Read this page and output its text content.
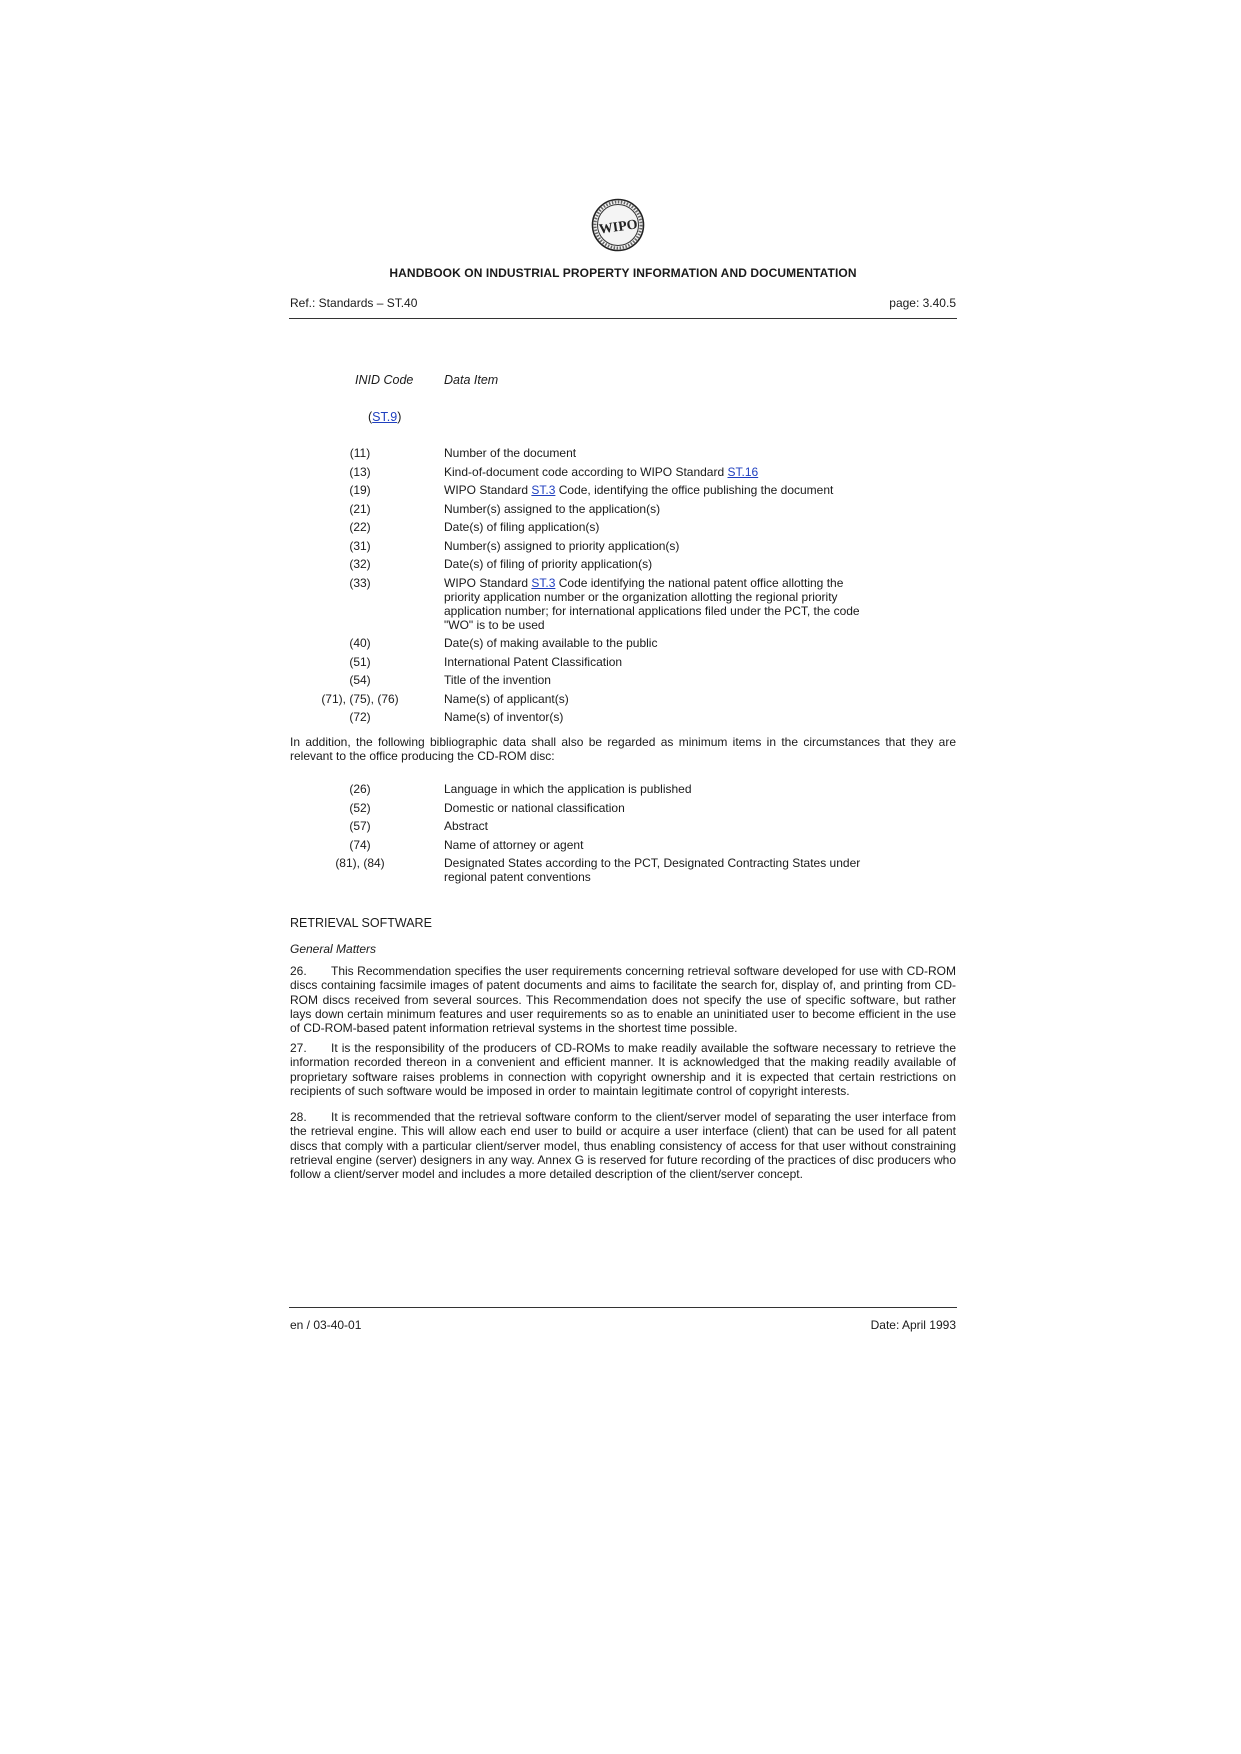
WIPO
HANDBOOK ON INDUSTRIAL PROPERTY INFORMATION AND DOCUMENTATION
Ref.: Standards – ST.40	page: 3.40.5
INID Code Data Item
(ST.9)
(11)	Number of the document
(13)	Kind-of-document code according to WIPO Standard ST.16
(19)	WIPO Standard ST.3 Code, identifying the office publishing the document
(21)	Number(s) assigned to the application(s)
(22)	Date(s) of filing application(s)
(31)	Number(s) assigned to priority application(s)
(32)	Date(s) of filing of priority application(s)
(33)	WIPO Standard ST.3 Code identifying the national patent office allotting the priority application number or the organization allotting the regional priority application number; for international applications filed under the PCT, the code "WO" is to be used
(40)	Date(s) of making available to the public
(51)	International Patent Classification
(54)	Title of the invention
(71), (75), (76)	Name(s) of applicant(s)
(72)	Name(s) of inventor(s)
In addition, the following bibliographic data shall also be regarded as minimum items in the circumstances that they are relevant to the office producing the CD-ROM disc:
(26)	Language in which the application is published
(52)	Domestic or national classification
(57)	Abstract
(74)	Name of attorney or agent
(81), (84)	Designated States according to the PCT, Designated Contracting States under regional patent conventions
RETRIEVAL SOFTWARE
General Matters
26. This Recommendation specifies the user requirements concerning retrieval software developed for use with CD-ROM discs containing facsimile images of patent documents and aims to facilitate the search for, display of, and printing from CD-ROM discs received from several sources. This Recommendation does not specify the use of specific software, but rather lays down certain minimum features and user requirements so as to enable an uninitiated user to become efficient in the use of CD-ROM-based patent information retrieval systems in the shortest time possible.
27. It is the responsibility of the producers of CD-ROMs to make readily available the software necessary to retrieve the information recorded thereon in a convenient and efficient manner. It is acknowledged that the making readily available of proprietary software raises problems in connection with copyright ownership and it is expected that certain restrictions on recipients of such software would be imposed in order to maintain legitimate control of copyright interests.
28. It is recommended that the retrieval software conform to the client/server model of separating the user interface from the retrieval engine. This will allow each end user to build or acquire a user interface (client) that can be used for all patent discs that comply with a particular client/server model, thus enabling consistency of access for that user without constraining retrieval engine (server) designers in any way. Annex G is reserved for future recording of the practices of disc producers who follow a client/server model and includes a more detailed description of the client/server concept.
en / 03-40-01	Date: April 1993
